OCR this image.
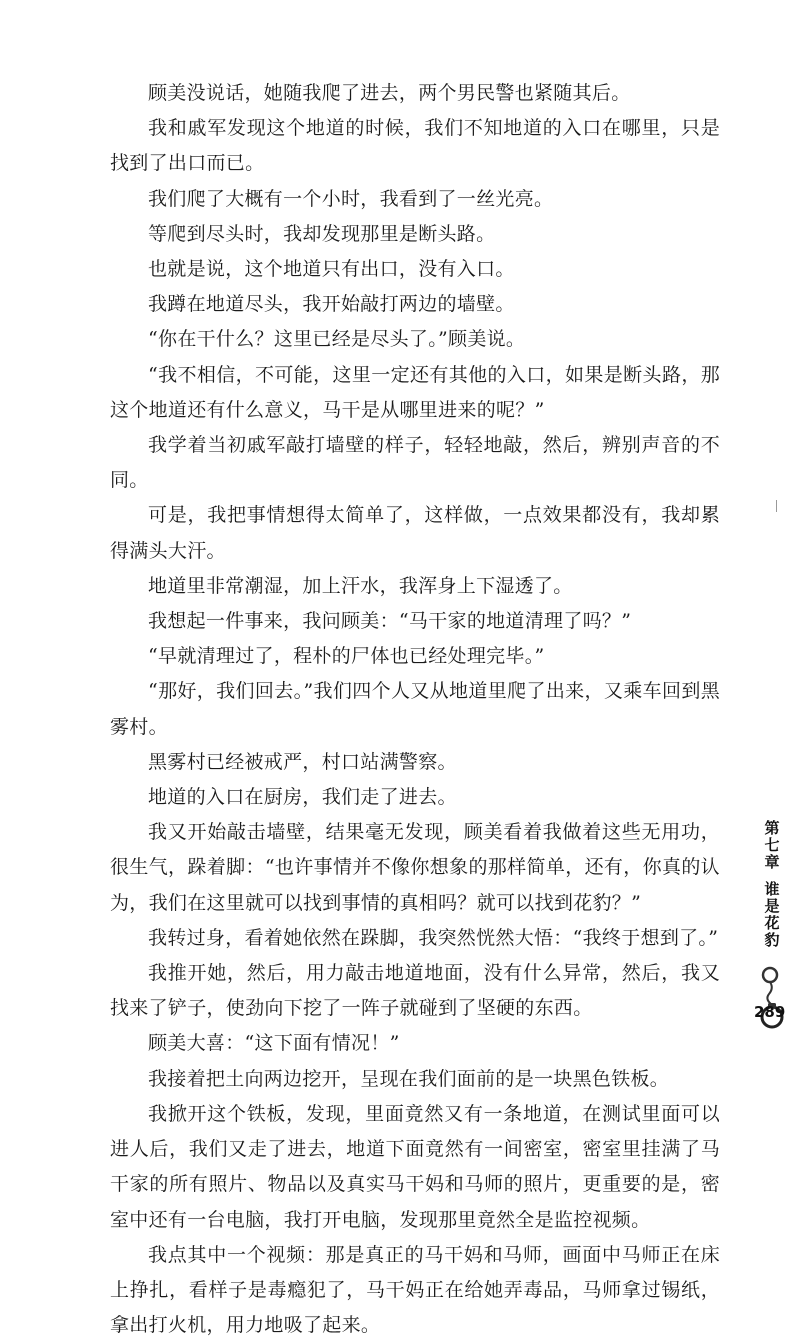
顾美没说话，她随我爬了进去，两个男民警也紧随其后。

我和戚军发现这个地道的时候，我们不知地道的入口在哪里，只是找到了出口而已。

我们爬了大概有一个小时，我看到了一丝光亮。

等爬到尽头时，我却发现那里是断头路。

也就是说，这个地道只有出口，没有入口。

我蹲在地道尽头，我开始敲打两边的墙壁。

“你在干什么？这里已经是尽头了。”顾美说。

“我不相信，不可能，这里一定还有其他的入口，如果是断头路，那这个地道还有什么意义，马干是从哪里进来的呢？”

我学着当初戚军敲打墙壁的样子，轻轻地敲，然后，辨别声音的不同。

可是，我把事情想得太简单了，这样做，一点效果都没有，我却累得满头大汗。

地道里非常潮湿，加上汗水，我浑身上下湿透了。

我想起一件事来，我问顾美：“马干家的地道清理了吗？”

“早就清理过了，程朴的尸体也已经处理完毕。”

“那好，我们回去。”我们四个人又从地道里爬了出来，又乘车回到黑雾村。

黑雾村已经被戒严，村口站满警察。

地道的入口在厨房，我们走了进去。

我又开始敲击墙壁，结果毫无发现，顾美看着我做着这些无用功，很生气，跺着脚：“也许事情并不像你想象的那样简单，还有，你真的认为，我们在这里就可以找到事情的真相吗？就可以找到花豹？”

我转过身，看着她依然在跺脚，我突然恍然大悟：“我终于想到了。”

我推开她，然后，用力敲击地道地面，没有什么异常，然后，我又找来了铲子，使劲向下挖了一阵子就碰到了坚硬的东西。

顾美大喜：“这下面有情况！”

我接着把土向两边挖开，呈现在我们面前的是一块黑色铁板。

我掀开这个铁板，发现，里面竟然又有一条地道，在测试里面可以进人后，我们又走了进去，地道下面竟然有一间密室，密室里挂满了马干家的所有照片、物品以及真实马干妈和马师的照片，更重要的是，密室中还有一台电脑，我打开电脑，发现那里竟然全是监控视频。

我点其中一个视频：那是真正的马干妈和马师，画面中马师正在床上挣扎，看样子是毒瘾犯了，马干妈正在给她弄毒品，马师拿过锡纸，拿出打火机，用力地吸了起来。

第七章
谁是花豹
289
